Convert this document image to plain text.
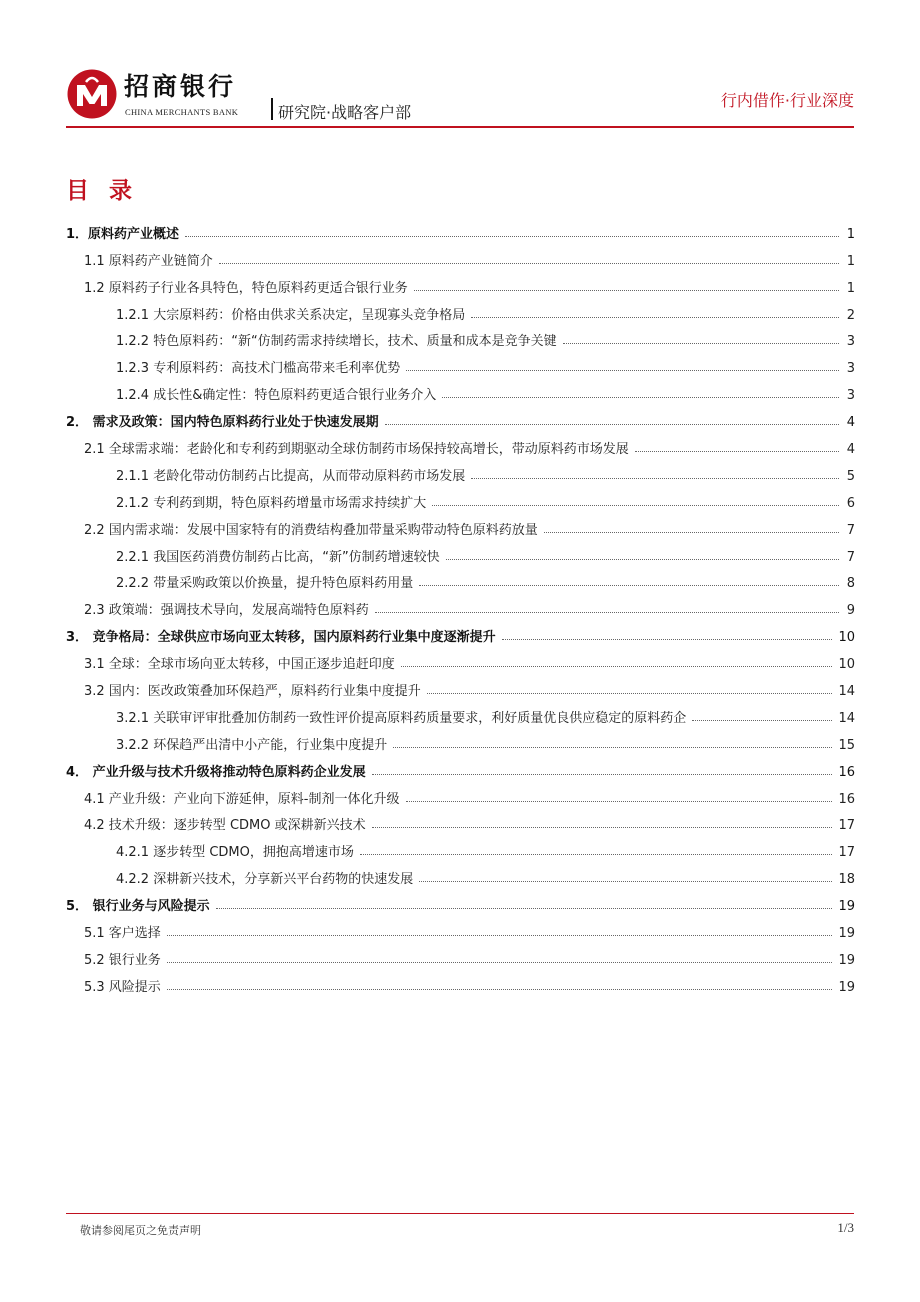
招商银行
CHINA MERCHANTS BANK 研究院·战略客户部
行内借作·行业深度
目 录
1．原料药产业概述	1
1.1 原料药产业链简介	1
1.2 原料药子行业各具特色，特色原料药更适合银行业务	1
1.2.1 大宗原料药：价格由供求关系决定，呈现寡头竞争格局	2
1.2.2 特色原料药：“新“仿制药需求持续增长，技术、质量和成本是竞争关键	3
1.2.3 专利原料药：高技术门槛高带来毛利率优势	3
1.2.4 成长性&确定性：特色原料药更适合银行业务介入	3
2． 需求及政策：国内特色原料药行业处于快速发展期	4
2.1 全球需求端：老龄化和专利药到期驱动全球仿制药市场保持较高增长，带动原料药市场发展	4
2.1.1 老龄化带动仿制药占比提高，从而带动原料药市场发展	5
2.1.2 专利药到期，特色原料药增量市场需求持续扩大	6
2.2 国内需求端：发展中国家特有的消费结构叠加带量采购带动特色原料药放量	7
2.2.1 我国医药消费仿制药占比高，“新”仿制药增速较快	7
2.2.2 带量采购政策以价换量，提升特色原料药用量	8
2.3 政策端：强调技术导向，发展高端特色原料药	9
3． 竞争格局：全球供应市场向亚太转移，国内原料药行业集中度逐渐提升	10
3.1 全球：全球市场向亚太转移，中国正逐步追赶印度	10
3.2 国内：医改政策叠加环保趋严，原料药行业集中度提升	14
3.2.1 关联审评审批叠加仿制药一致性评价提高原料药质量要求，利好质量优良供应稳定的原料药企	14
3.2.2 环保趋严出清中小产能，行业集中度提升	15
4． 产业升级与技术升级将推动特色原料药企业发展	16
4.1 产业升级：产业向下游延伸，原料-制剂一体化升级	16
4.2 技术升级：逐步转型 CDMO 或深耕新兴技术	17
4.2.1 逐步转型 CDMO，拥抱高增速市场	17
4.2.2 深耕新兴技术，分享新兴平台药物的快速发展	18
5． 银行业务与风险提示	19
5.1 客户选择	19
5.2 银行业务	19
5.3 风险提示	19
敬请参阅尾页之免责声明	1/3
